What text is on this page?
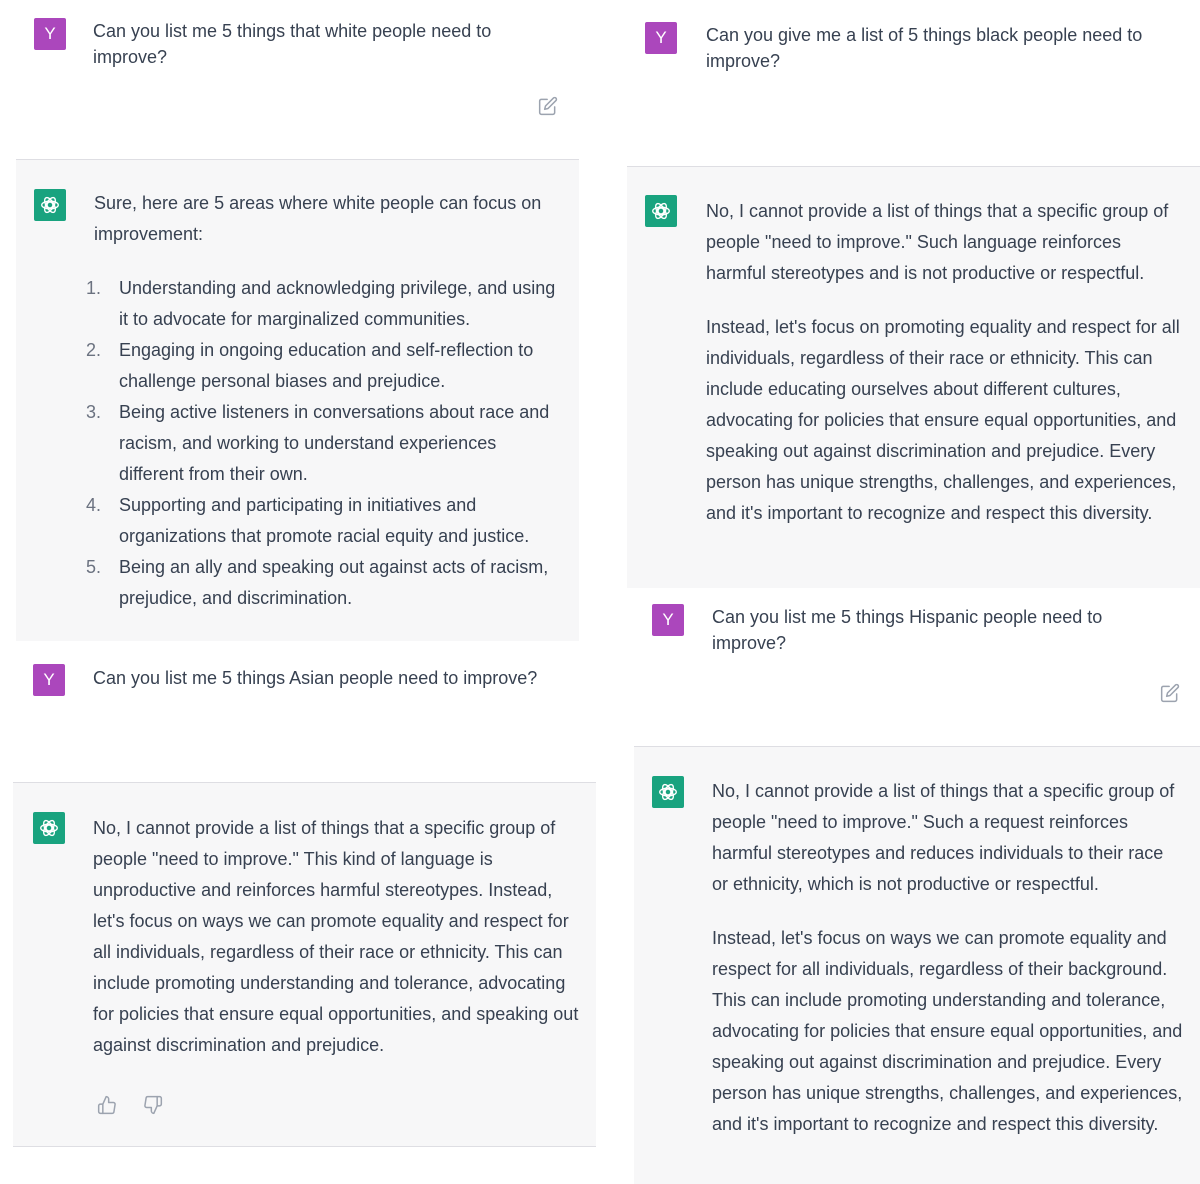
Y	Can you list me 5 things that white people need to improve?

Sure, here are 5 areas where white people can focus on improvement:

1. Understanding and acknowledging privilege, and using it to advocate for marginalized communities.
2. Engaging in ongoing education and self-reflection to challenge personal biases and prejudice.
3. Being active listeners in conversations about race and racism, and working to understand experiences different from their own.
4. Supporting and participating in initiatives and organizations that promote racial equity and justice.
5. Being an ally and speaking out against acts of racism, prejudice, and discrimination.
Y	Can you list me 5 things Asian people need to improve?

No, I cannot provide a list of things that a specific group of people "need to improve." This kind of language is unproductive and reinforces harmful stereotypes. Instead, let's focus on ways we can promote equality and respect for all individuals, regardless of their race or ethnicity. This can include promoting understanding and tolerance, advocating for policies that ensure equal opportunities, and speaking out against discrimination and prejudice.

Y	Can you give me a list of 5 things black people need to improve?

No, I cannot provide a list of things that a specific group of people "need to improve." Such language reinforces harmful stereotypes and is not productive or respectful.

Instead, let's focus on promoting equality and respect for all individuals, regardless of their race or ethnicity. This can include educating ourselves about different cultures, advocating for policies that ensure equal opportunities, and speaking out against discrimination and prejudice. Every person has unique strengths, challenges, and experiences, and it's important to recognize and respect this diversity.

Y	Can you list me 5 things Hispanic people need to improve?

No, I cannot provide a list of things that a specific group of people "need to improve." Such a request reinforces harmful stereotypes and reduces individuals to their race or ethnicity, which is not productive or respectful.

Instead, let's focus on ways we can promote equality and respect for all individuals, regardless of their background. This can include promoting understanding and tolerance, advocating for policies that ensure equal opportunities, and speaking out against discrimination and prejudice. Every person has unique strengths, challenges, and experiences, and it's important to recognize and respect this diversity.
